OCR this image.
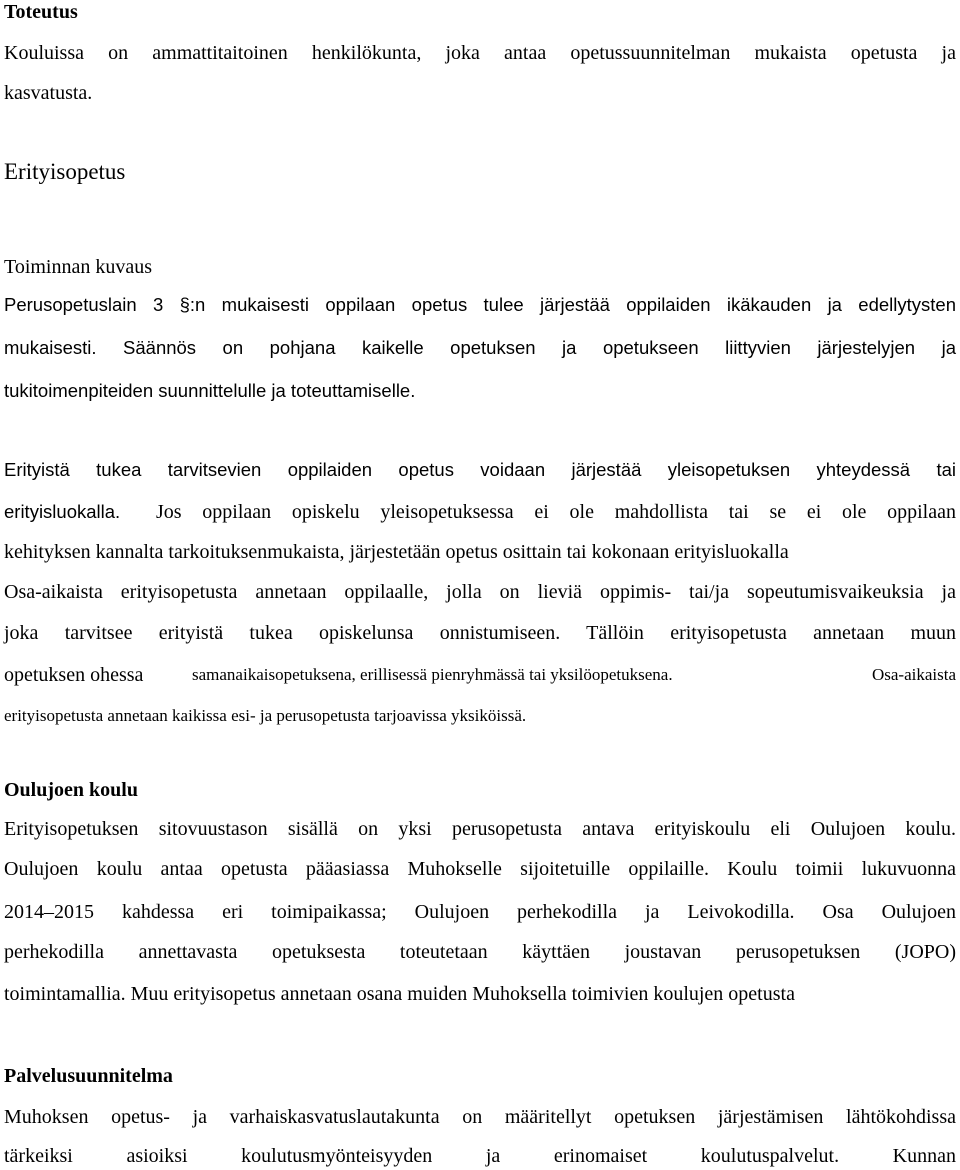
Toteutus
Kouluissa on ammattitaitoinen henkilökunta, joka antaa opetussuunnitelman mukaista opetusta ja
kasvatusta.
Erityisopetus
Toiminnan kuvaus
Perusopetuslain 3 §:n mukaisesti oppilaan opetus tulee järjestää oppilaiden ikäkauden ja edellytysten
mukaisesti. Säännös on pohjana kaikelle opetuksen ja opetukseen liittyvien järjestelyjen ja
tukitoimenpiteiden suunnittelulle ja toteuttamiselle.
Erityistä tukea tarvitsevien oppilaiden opetus voidaan järjestää yleisopetuksen yhteydessä tai
erityisluokalla. Jos oppilaan opiskelu yleisopetuksessa ei ole mahdollista tai se ei ole oppilaan
kehityksen kannalta tarkoituksenmukaista, järjestetään opetus osittain tai kokonaan erityisluokalla
Osa-aikaista erityisopetusta annetaan oppilaalle, jolla on lieviä oppimis- tai/ja sopeutumisvaikeuksia ja
joka tarvitsee erityistä tukea opiskelunsa onnistumiseen. Tällöin erityisopetusta annetaan muun
opetuksen ohessa	samanaikaisopetuksena, erillisessä pienryhmässä tai yksilöopetuksena.	Osa-aikaista
erityisopetusta annetaan kaikissa esi- ja perusopetusta tarjoavissa yksiköissä.
Oulujoen koulu
Erityisopetuksen sitovuustason sisällä on yksi perusopetusta antava erityiskoulu eli Oulujoen koulu.
Oulujoen koulu antaa opetusta pääasiassa Muhokselle sijoitetuille oppilaille. Koulu toimii lukuvuonna
2014–2015 kahdessa eri toimipaikassa; Oulujoen perhekodilla ja Leivokodilla. Osa Oulujoen
perhekodilla annettavasta opetuksesta toteutetaan käyttäen joustavan perusopetuksen (JOPO)
toimintamallia. Muu erityisopetus annetaan osana muiden Muhoksella toimivien koulujen opetusta
Palvelusuunnitelma
Muhoksen opetus- ja varhaiskasvatuslautakunta on määritellyt opetuksen järjestämisen lähtökohdissa
tärkeiksi asioiksi koulutusmyönteisyyden ja erinomaiset koulutuspalvelut. Kunnan
